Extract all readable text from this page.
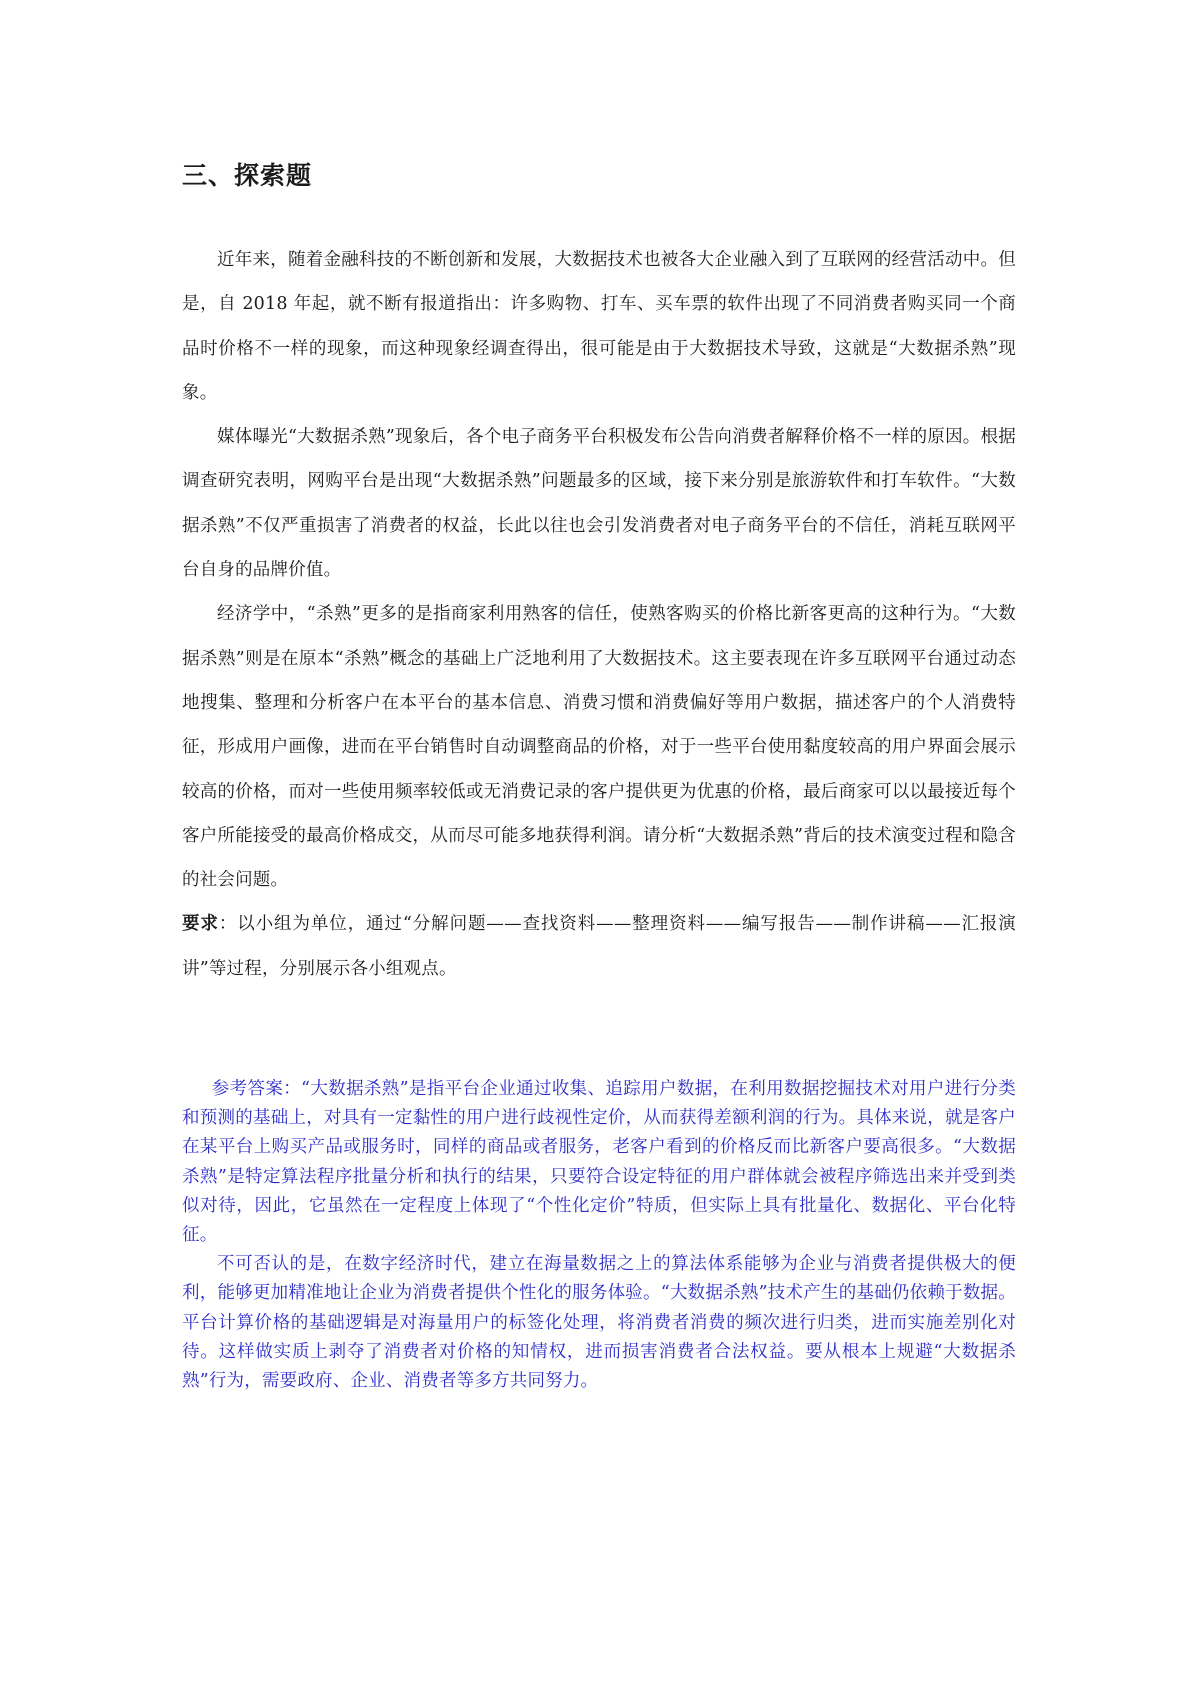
三、探索题

近年来，随着金融科技的不断创新和发展，大数据技术也被各大企业融入到了互联网的经营活动中。但是，自 2018 年起，就不断有报道指出：许多购物、打车、买车票的软件出现了不同消费者购买同一个商品时价格不一样的现象，而这种现象经调查得出，很可能是由于大数据技术导致，这就是“大数据杀熟”现象。

媒体曝光“大数据杀熟”现象后，各个电子商务平台积极发布公告向消费者解释价格不一样的原因。根据调查研究表明，网购平台是出现“大数据杀熟”问题最多的区域，接下来分别是旅游软件和打车软件。“大数据杀熟”不仅严重损害了消费者的权益，长此以往也会引发消费者对电子商务平台的不信任，消耗互联网平台自身的品牌价值。

经济学中，“杀熟”更多的是指商家利用熟客的信任，使熟客购买的价格比新客更高的这种行为。“大数据杀熟”则是在原本“杀熟”概念的基础上广泛地利用了大数据技术。这主要表现在许多互联网平台通过动态地搜集、整理和分析客户在本平台的基本信息、消费习惯和消费偏好等用户数据，描述客户的个人消费特征，形成用户画像，进而在平台销售时自动调整商品的价格，对于一些平台使用黏度较高的用户界面会展示较高的价格，而对一些使用频率较低或无消费记录的客户提供更为优惠的价格，最后商家可以以最接近每个客户所能接受的最高价格成交，从而尽可能多地获得利润。请分析“大数据杀熟”背后的技术演变过程和隐含的社会问题。

要求：以小组为单位，通过“分解问题——查找资料——整理资料——编写报告——制作讲稿——汇报演讲”等过程，分别展示各小组观点。

参考答案：“大数据杀熟”是指平台企业通过收集、追踪用户数据，在利用数据挖掘技术对用户进行分类和预测的基础上，对具有一定黏性的用户进行歧视性定价，从而获得差额利润的行为。具体来说，就是客户在某平台上购买产品或服务时，同样的商品或者服务，老客户看到的价格反而比新客户要高很多。“大数据杀熟”是特定算法程序批量分析和执行的结果，只要符合设定特征的用户群体就会被程序筛选出来并受到类似对待，因此，它虽然在一定程度上体现了“个性化定价”特质，但实际上具有批量化、数据化、平台化特征。

不可否认的是，在数字经济时代，建立在海量数据之上的算法体系能够为企业与消费者提供极大的便利，能够更加精准地让企业为消费者提供个性化的服务体验。“大数据杀熟”技术产生的基础仍依赖于数据。平台计算价格的基础逻辑是对海量用户的标签化处理，将消费者消费的频次进行归类，进而实施差别化对待。这样做实质上剥夺了消费者对价格的知情权，进而损害消费者合法权益。要从根本上规避“大数据杀熟”行为，需要政府、企业、消费者等多方共同努力。
